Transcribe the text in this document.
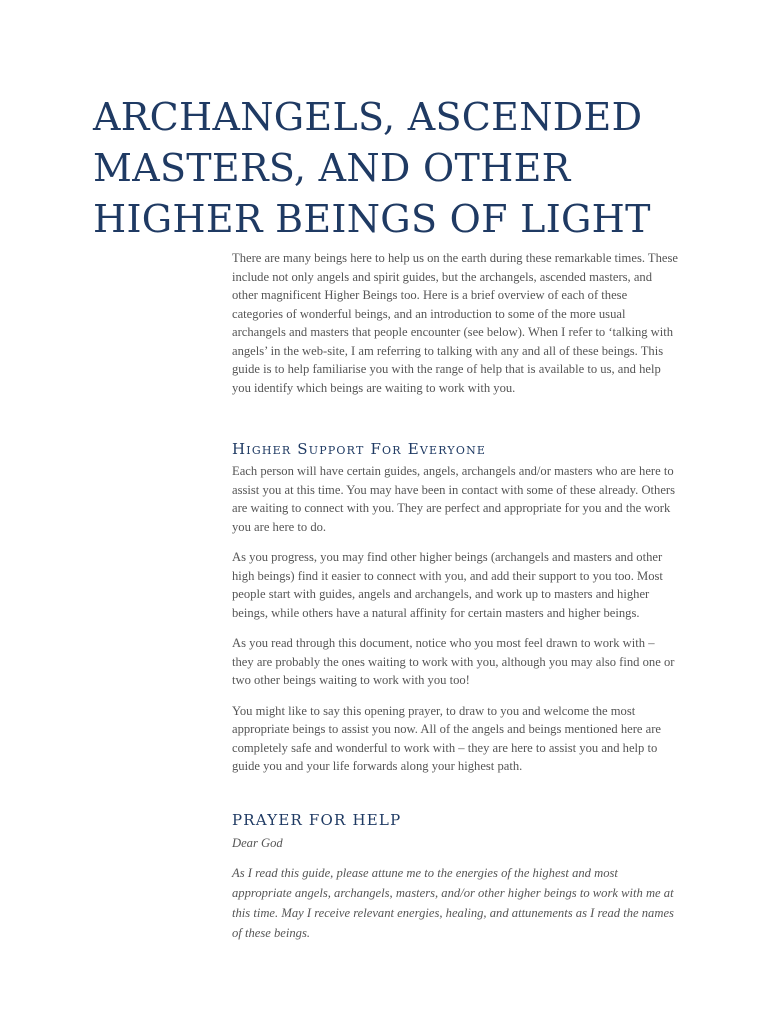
ARCHANGELS, ASCENDED
MASTERS, AND OTHER
HIGHER BEINGS OF LIGHT

There are many beings here to help us on the earth during these remarkable times. These include not only angels and spirit guides, but the archangels, ascended masters, and other magnificent Higher Beings too. Here is a brief overview of each of these categories of wonderful beings, and an introduction to some of the more usual archangels and masters that people encounter (see below). When I refer to ‘talking with angels’ in the web-site, I am referring to talking with any and all of these beings. This guide is to help familiarise you with the range of help that is available to us, and help you identify which beings are waiting to work with you.

Higher Support For Everyone

Each person will have certain guides, angels, archangels and/or masters who are here to assist you at this time. You may have been in contact with some of these already. Others are waiting to connect with you. They are perfect and appropriate for you and the work you are here to do.

As you progress, you may find other higher beings (archangels and masters and other high beings) find it easier to connect with you, and add their support to you too. Most people start with guides, angels and archangels, and work up to masters and higher beings, while others have a natural affinity for certain masters and higher beings.

As you read through this document, notice who you most feel drawn to work with – they are probably the ones waiting to work with you, although you may also find one or two other beings waiting to work with you too!

You might like to say this opening prayer, to draw to you and welcome the most appropriate beings to assist you now. All of the angels and beings mentioned here are completely safe and wonderful to work with – they are here to assist you and help to guide you and your life forwards along your highest path.

PRAYER FOR HELP

Dear God

As I read this guide, please attune me to the energies of the highest and most appropriate angels, archangels, masters, and/or other higher beings to work with me at this time. May I receive relevant energies, healing, and attunements as I read the names of these beings.
